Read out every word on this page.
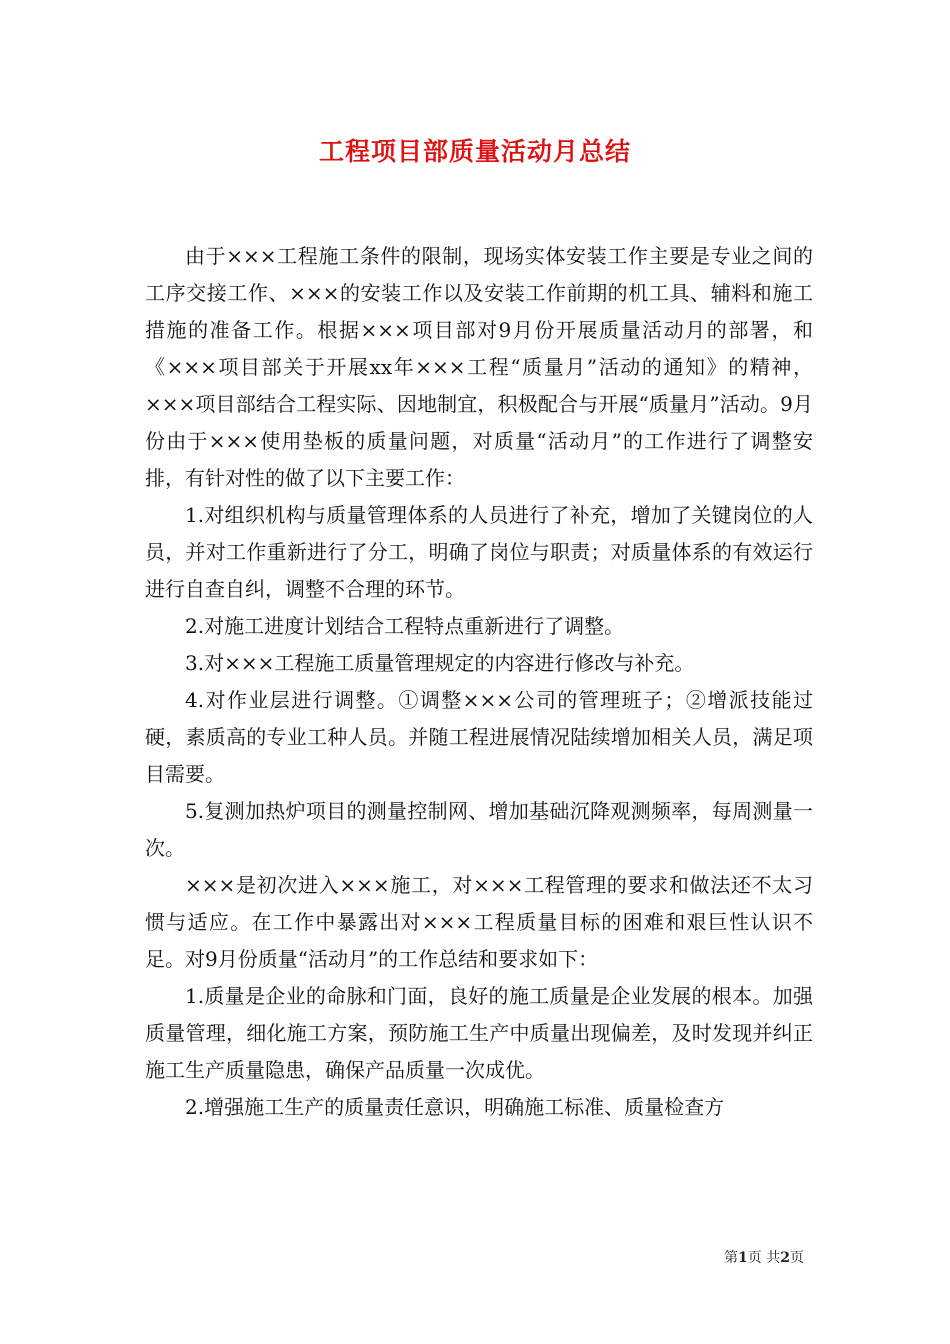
工程项目部质量活动月总结

由于×××工程施工条件的限制，现场实体安装工作主要是专业之间的工序交接工作、×××的安装工作以及安装工作前期的机工具、辅料和施工措施的准备工作。根据×××项目部对9月份开展质量活动月的部署，和《×××项目部关于开展xx年×××工程“质量月”活动的通知》的精神，×××项目部结合工程实际、因地制宜，积极配合与开展“质量月”活动。9月份由于×××使用垫板的质量问题，对质量“活动月”的工作进行了调整安排，有针对性的做了以下主要工作：

1.对组织机构与质量管理体系的人员进行了补充，增加了关键岗位的人员，并对工作重新进行了分工，明确了岗位与职责；对质量体系的有效运行进行自查自纠，调整不合理的环节。

2.对施工进度计划结合工程特点重新进行了调整。

3.对×××工程施工质量管理规定的内容进行修改与补充。

4.对作业层进行调整。①调整×××公司的管理班子；②增派技能过硬，素质高的专业工种人员。并随工程进展情况陆续增加相关人员，满足项目需要。

5.复测加热炉项目的测量控制网、增加基础沉降观测频率，每周测量一次。

×××是初次进入×××施工，对×××工程管理的要求和做法还不太习惯与适应。在工作中暴露出对×××工程质量目标的困难和艰巨性认识不足。对9月份质量“活动月”的工作总结和要求如下：

1.质量是企业的命脉和门面，良好的施工质量是企业发展的根本。加强质量管理，细化施工方案，预防施工生产中质量出现偏差，及时发现并纠正施工生产质量隐患，确保产品质量一次成优。

2.增强施工生产的质量责任意识，明确施工标准、质量检查方

第1页 共2页
